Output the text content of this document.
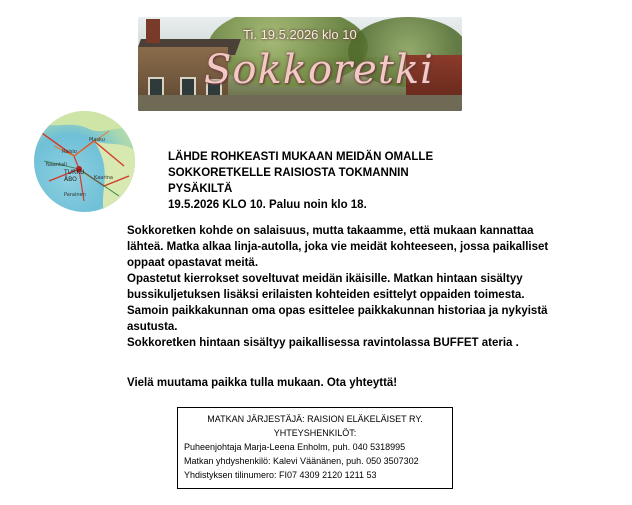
Ti. 19.5.2026 klo 10
Sokkoretki
TURKU
ÅBO
Raisio
Naantali
Masku
Parainen
Kaarina
LÄHDE ROHKEASTI MUKAAN MEIDÄN OMALLE
SOKKORETKELLE RAISIOSTA TOKMANNIN PYSÄKILTÄ
19.5.2026 KLO 10. Paluu noin klo 18.

Sokkoretken kohde on salaisuus, mutta takaamme, että mukaan kannattaa lähteä. Matka alkaa linja-autolla, joka vie meidät kohteeseen, jossa paikalliset oppaat opastavat meitä.

Opastetut kierrokset soveltuvat meidän ikäisille. Matkan hintaan sisältyy bussikuljetuksen lisäksi erilaisten kohteiden esittelyt oppaiden toimesta.

Samoin paikkakunnan oma opas esittelee paikkakunnan historiaa ja nykyistä asutusta.

Sokkoretken hintaan sisältyy paikallisessa ravintolassa BUFFET ateria .

Vielä muutama paikka tulla mukaan. Ota yhteyttä!
MATKAN JÄRJESTÄJÄ: RAISION ELÄKELÄISET RY.
YHTEYSHENKILÖT:
Puheenjohtaja Marja-Leena Enholm, puh. 040 5318995
Matkan yhdyshenkilö: Kalevi Väänänen, puh. 050 3507302
Yhdistyksen tilinumero: FI07 4309 2120 1211 53
